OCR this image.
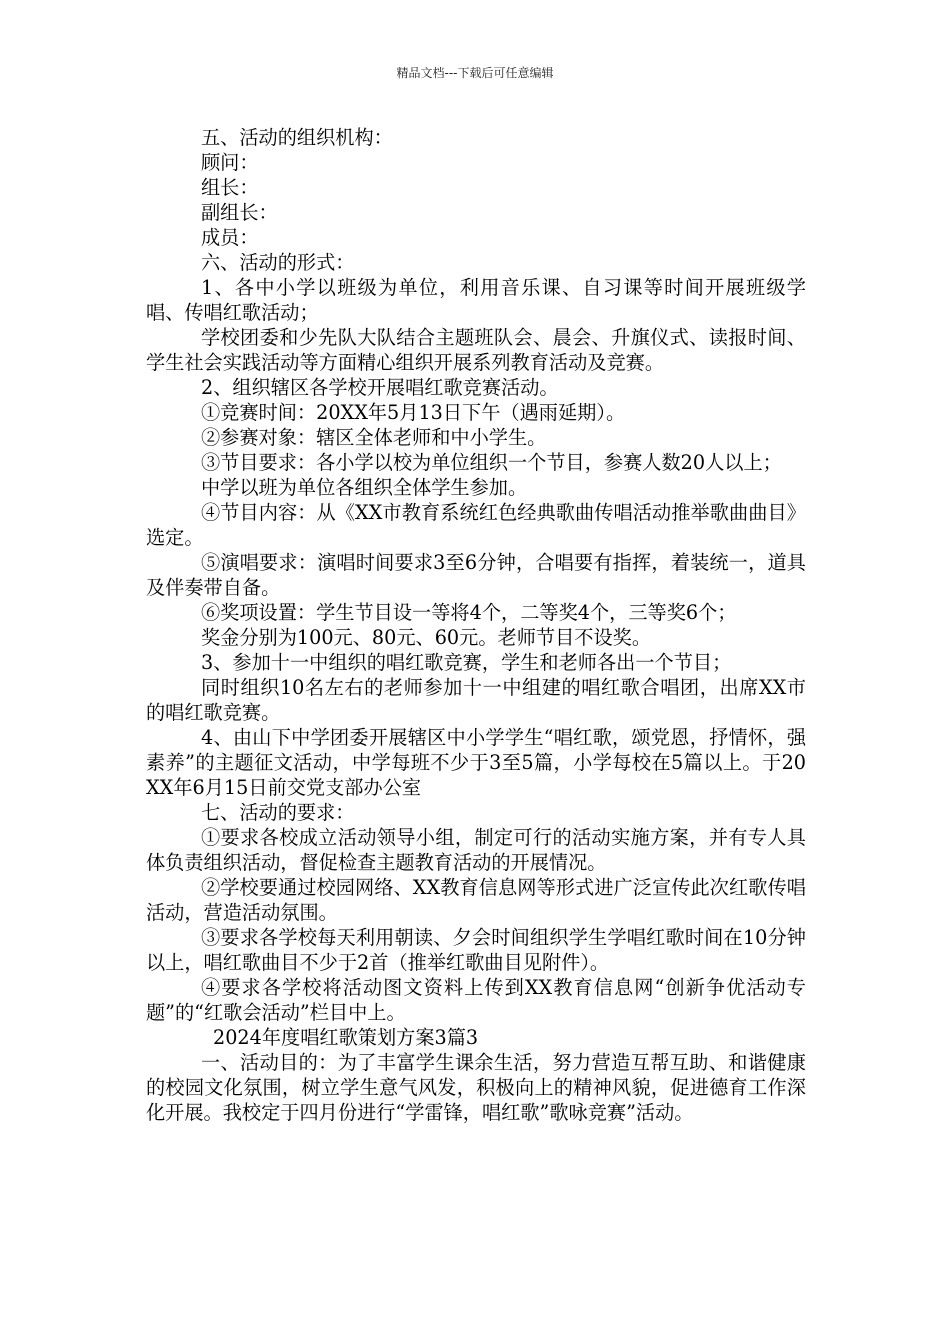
精品文档---下载后可任意编辑

五、活动的组织机构：

顾问：

组长：

副组长：

成员：

六、活动的形式：

1、各中小学以班级为单位，利用音乐课、自习课等时间开展班级学唱、传唱红歌活动；

学校团委和少先队大队结合主题班队会、晨会、升旗仪式、读报时间、学生社会实践活动等方面精心组织开展系列教育活动及竞赛。

2、组织辖区各学校开展唱红歌竞赛活动。

①竞赛时间：20XX年5月13日下午（遇雨延期）。

②参赛对象：辖区全体老师和中小学生。

③节目要求：各小学以校为单位组织一个节目，参赛人数20人以上；

中学以班为单位各组织全体学生参加。

④节目内容：从《XX市教育系统红色经典歌曲传唱活动推举歌曲曲目》选定。

⑤演唱要求：演唱时间要求3至6分钟，合唱要有指挥，着装统一，道具及伴奏带自备。

⑥奖项设置：学生节目设一等将4个，二等奖4个，三等奖6个；

奖金分别为100元、80元、60元。老师节目不设奖。

3、参加十一中组织的唱红歌竞赛，学生和老师各出一个节目；

同时组织10名左右的老师参加十一中组建的唱红歌合唱团，出席XX市的唱红歌竞赛。

4、由山下中学团委开展辖区中小学学生“唱红歌，颂党恩，抒情怀，强素养”的主题征文活动，中学每班不少于3至5篇，小学每校在5篇以上。于20XX年6月15日前交党支部办公室

七、活动的要求：

①要求各校成立活动领导小组，制定可行的活动实施方案，并有专人具体负责组织活动，督促检查主题教育活动的开展情况。

②学校要通过校园网络、XX教育信息网等形式进广泛宣传此次红歌传唱活动，营造活动氛围。

③要求各学校每天利用朝读、夕会时间组织学生学唱红歌时间在10分钟以上，唱红歌曲目不少于2首（推举红歌曲目见附件）。

④要求各学校将活动图文资料上传到XX教育信息网“创新争优活动专题”的“红歌会活动”栏目中上。

2024年度唱红歌策划方案3篇3

一、活动目的：为了丰富学生课余生活，努力营造互帮互助、和谐健康的校园文化氛围，树立学生意气风发，积极向上的精神风貌，促进德育工作深化开展。我校定于四月份进行“学雷锋，唱红歌”歌咏竞赛”活动。
